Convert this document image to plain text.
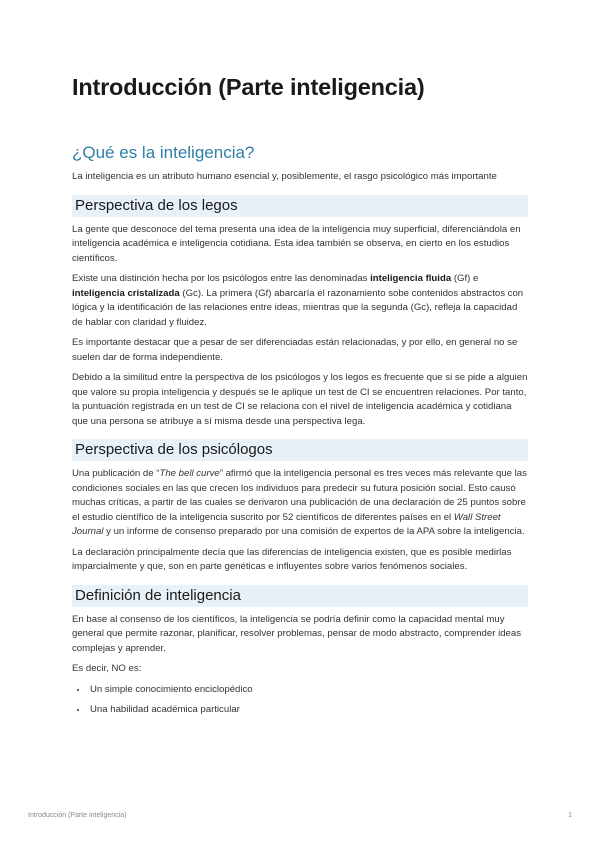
Introducción (Parte inteligencia)
¿Qué es la inteligencia?

La inteligencia es un atributo humano esencial y, posiblemente, el rasgo psicológico más importante

Perspectiva de los legos

La gente que desconoce del tema presenta una idea de la inteligencia muy superficial, diferenciándola en inteligencia académica e inteligencia cotidiana. Esta idea también se observa, en cierto en los estudios científicos.

Existe una distinción hecha por los psicólogos entre las denominadas inteligencia fluida (Gf) e inteligencia cristalizada (Gc). La primera (Gf) abarcaría el razonamiento sobe contenidos abstractos con lógica y la identificación de las relaciones entre ideas, mientras que la segunda (Gc), refleja la capacidad de hablar con claridad y fluidez.

Es importante destacar que a pesar de ser diferenciadas están relacionadas, y por ello, en general no se suelen dar de forma independiente.

Debido a la similitud entre la perspectiva de los psicólogos y los legos es frecuente que si se pide a alguien que valore su propia inteligencia y después se le aplique un test de CI se encuentren relaciones. Por tanto, la puntuación registrada en un test de CI se relaciona con el nivel de inteligencia académica y cotidiana que una persona se atribuye a sí misma desde una perspectiva lega.

Perspectiva de los psicólogos

Una publicación de “The bell curve” afirmó que la inteligencia personal es tres veces más relevante que las condiciones sociales en las que crecen los individuos para predecir su futura posición social. Esto causó muchas críticas, a partir de las cuales se derivaron una publicación de una declaración de 25 puntos sobre el estudio científico de la inteligencia suscrito por 52 científicos de diferentes países en el Wall Street Journal y un informe de consenso preparado por una comisión de expertos de la APA sobre la inteligencia.

La declaración principalmente decía que las diferencias de inteligencia existen, que es posible medirlas imparcialmente y que, son en parte genéticas e influyentes sobre varios fenómenos sociales.

Definición de inteligencia

En base al consenso de los científicos, la inteligencia se podría definir como la capacidad mental muy general que permite razonar, planificar, resolver problemas, pensar de modo abstracto, comprender ideas complejas y aprender.

Es decir, NO es:

• Un simple conocimiento enciclopédico
• Una habilidad académica particular
Introducción (Parte inteligencia)	1
